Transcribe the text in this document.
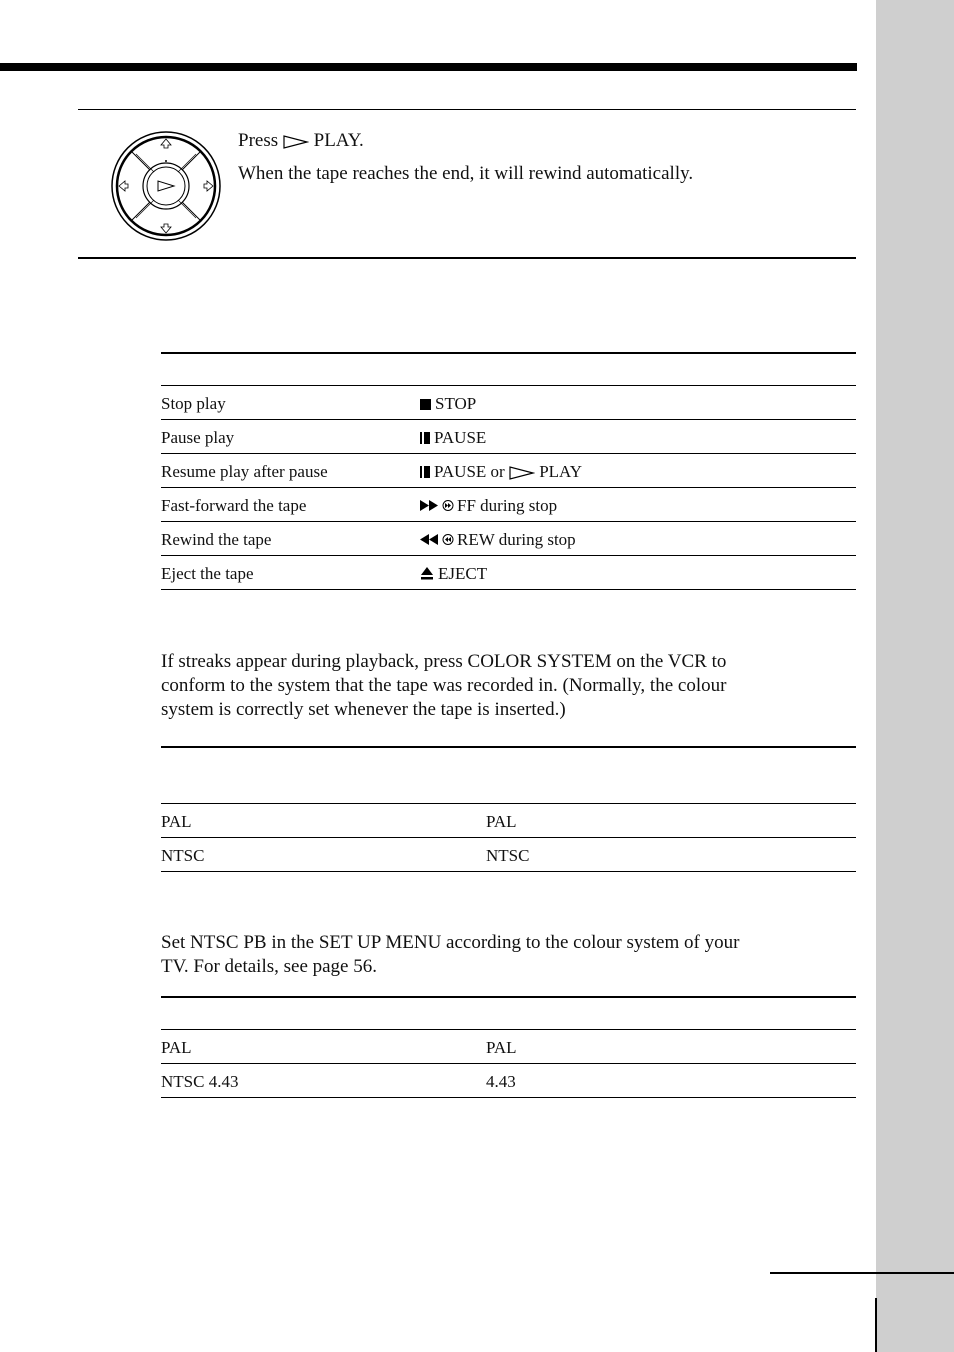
Press PLAY.
When the tape reaches the end, it will rewind automatically.
Stop play	STOP
Pause play	PAUSE
Resume play after pause	PAUSE or PLAY
Fast-forward the tape	FF during stop
Rewind the tape	REW during stop
Eject the tape	EJECT
If streaks appear during playback, press COLOR SYSTEM on the VCR to
conform to the system that the tape was recorded in. (Normally, the colour
system is correctly set whenever the tape is inserted.)
PAL	PAL
NTSC	NTSC
Set NTSC PB in the SET UP MENU according to the colour system of your
TV. For details, see page 56.
PAL	PAL
NTSC 4.43	4.43
